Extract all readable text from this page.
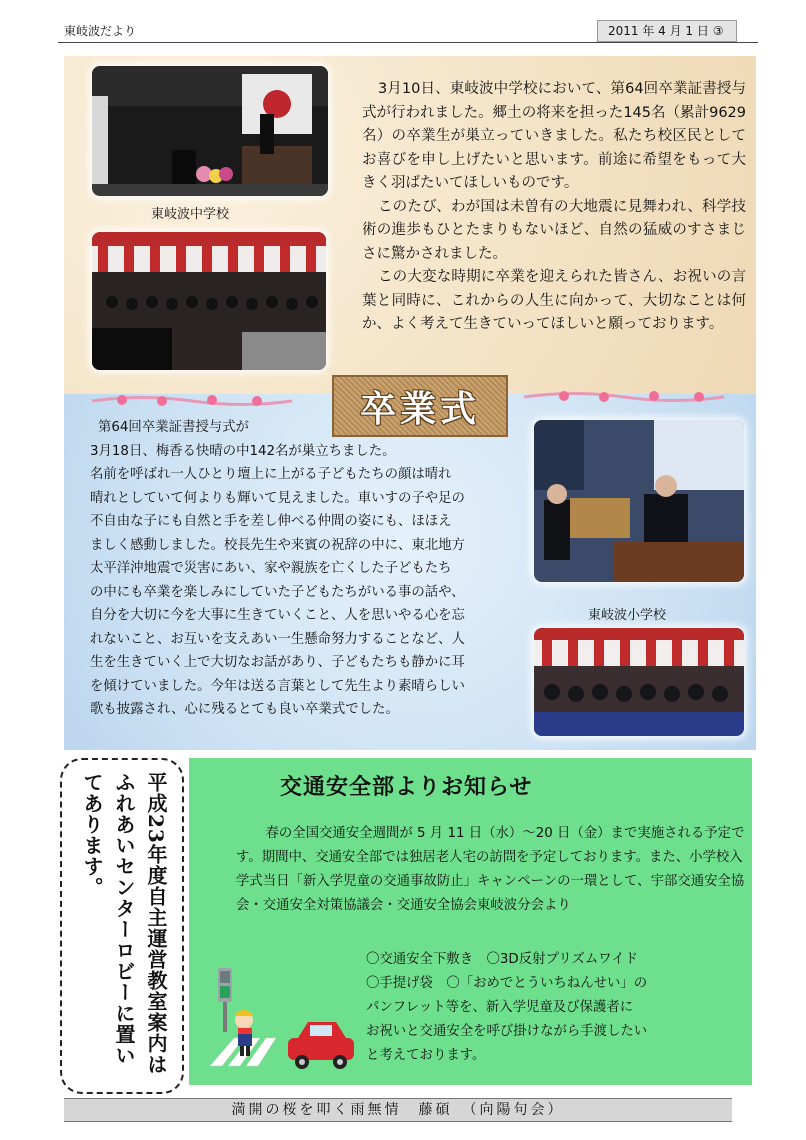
東岐波だより	2011 年 4 月 1 日 ③
東岐波中学校

3月10日、東岐波中学校において、第64回卒業証書授与式が行われました。郷土の将来を担った145名（累計9629名）の卒業生が巣立っていきました。私たち校区民としてお喜びを申し上げたいと思います。前途に希望をもって大きく羽ばたいてほしいものです。

このたび、わが国は未曽有の大地震に見舞われ、科学技術の進歩もひとたまりもないほど、自然の猛威のすさまじさに驚かされました。

この大変な時期に卒業を迎えられた皆さん、お祝いの言葉と同時に、これからの人生に向かって、大切なことは何か、よく考えて生きていってほしいと願っております。

卒業式

第64回卒業証書授与式が

3月18日、梅香る快晴の中142名が巣立ちました。

名前を呼ばれ一人ひとり壇上に上がる子どもたちの顔は晴れ

晴れとしていて何よりも輝いて見えました。車いすの子や足の

不自由な子にも自然と手を差し伸べる仲間の姿にも、ほほえ

ましく感動しました。校長先生や来賓の祝辞の中に、東北地方

太平洋沖地震で災害にあい、家や親族を亡くした子どもたち

の中にも卒業を楽しみにしていた子どもたちがいる事の話や、

自分を大切に今を大事に生きていくこと、人を思いやる心を忘

れないこと、お互いを支えあい一生懸命努力することなど、人

生を生きていく上で大切なお話があり、子どもたちも静かに耳

を傾けていました。今年は送る言葉として先生より素晴らしい

歌も披露され、心に残るとても良い卒業式でした。

東岐波小学校
平成23年度自主運営教室案内はふれあいセンターロビーに置いてあります。	交通安全部よりお知らせ

春の全国交通安全週間が 5 月 11 日（水）～20 日（金）まで実施される予定です。期間中、交通安全部では独居老人宅の訪問を予定しております。また、小学校入学式当日「新入学児童の交通事故防止」キャンペーンの一環として、宇部交通安全協会・交通安全対策協議会・交通安全協会東岐波分会より

〇交通安全下敷き　〇3D反射プリズムワイド

〇手提げ袋　〇「おめでとういちねんせい」の

パンフレット等を、新入学児童及び保護者に

お祝いと交通安全を呼び掛けながら手渡したい

と考えております。

満開の桜を叩く雨無情　藤碩　（向陽句会）
